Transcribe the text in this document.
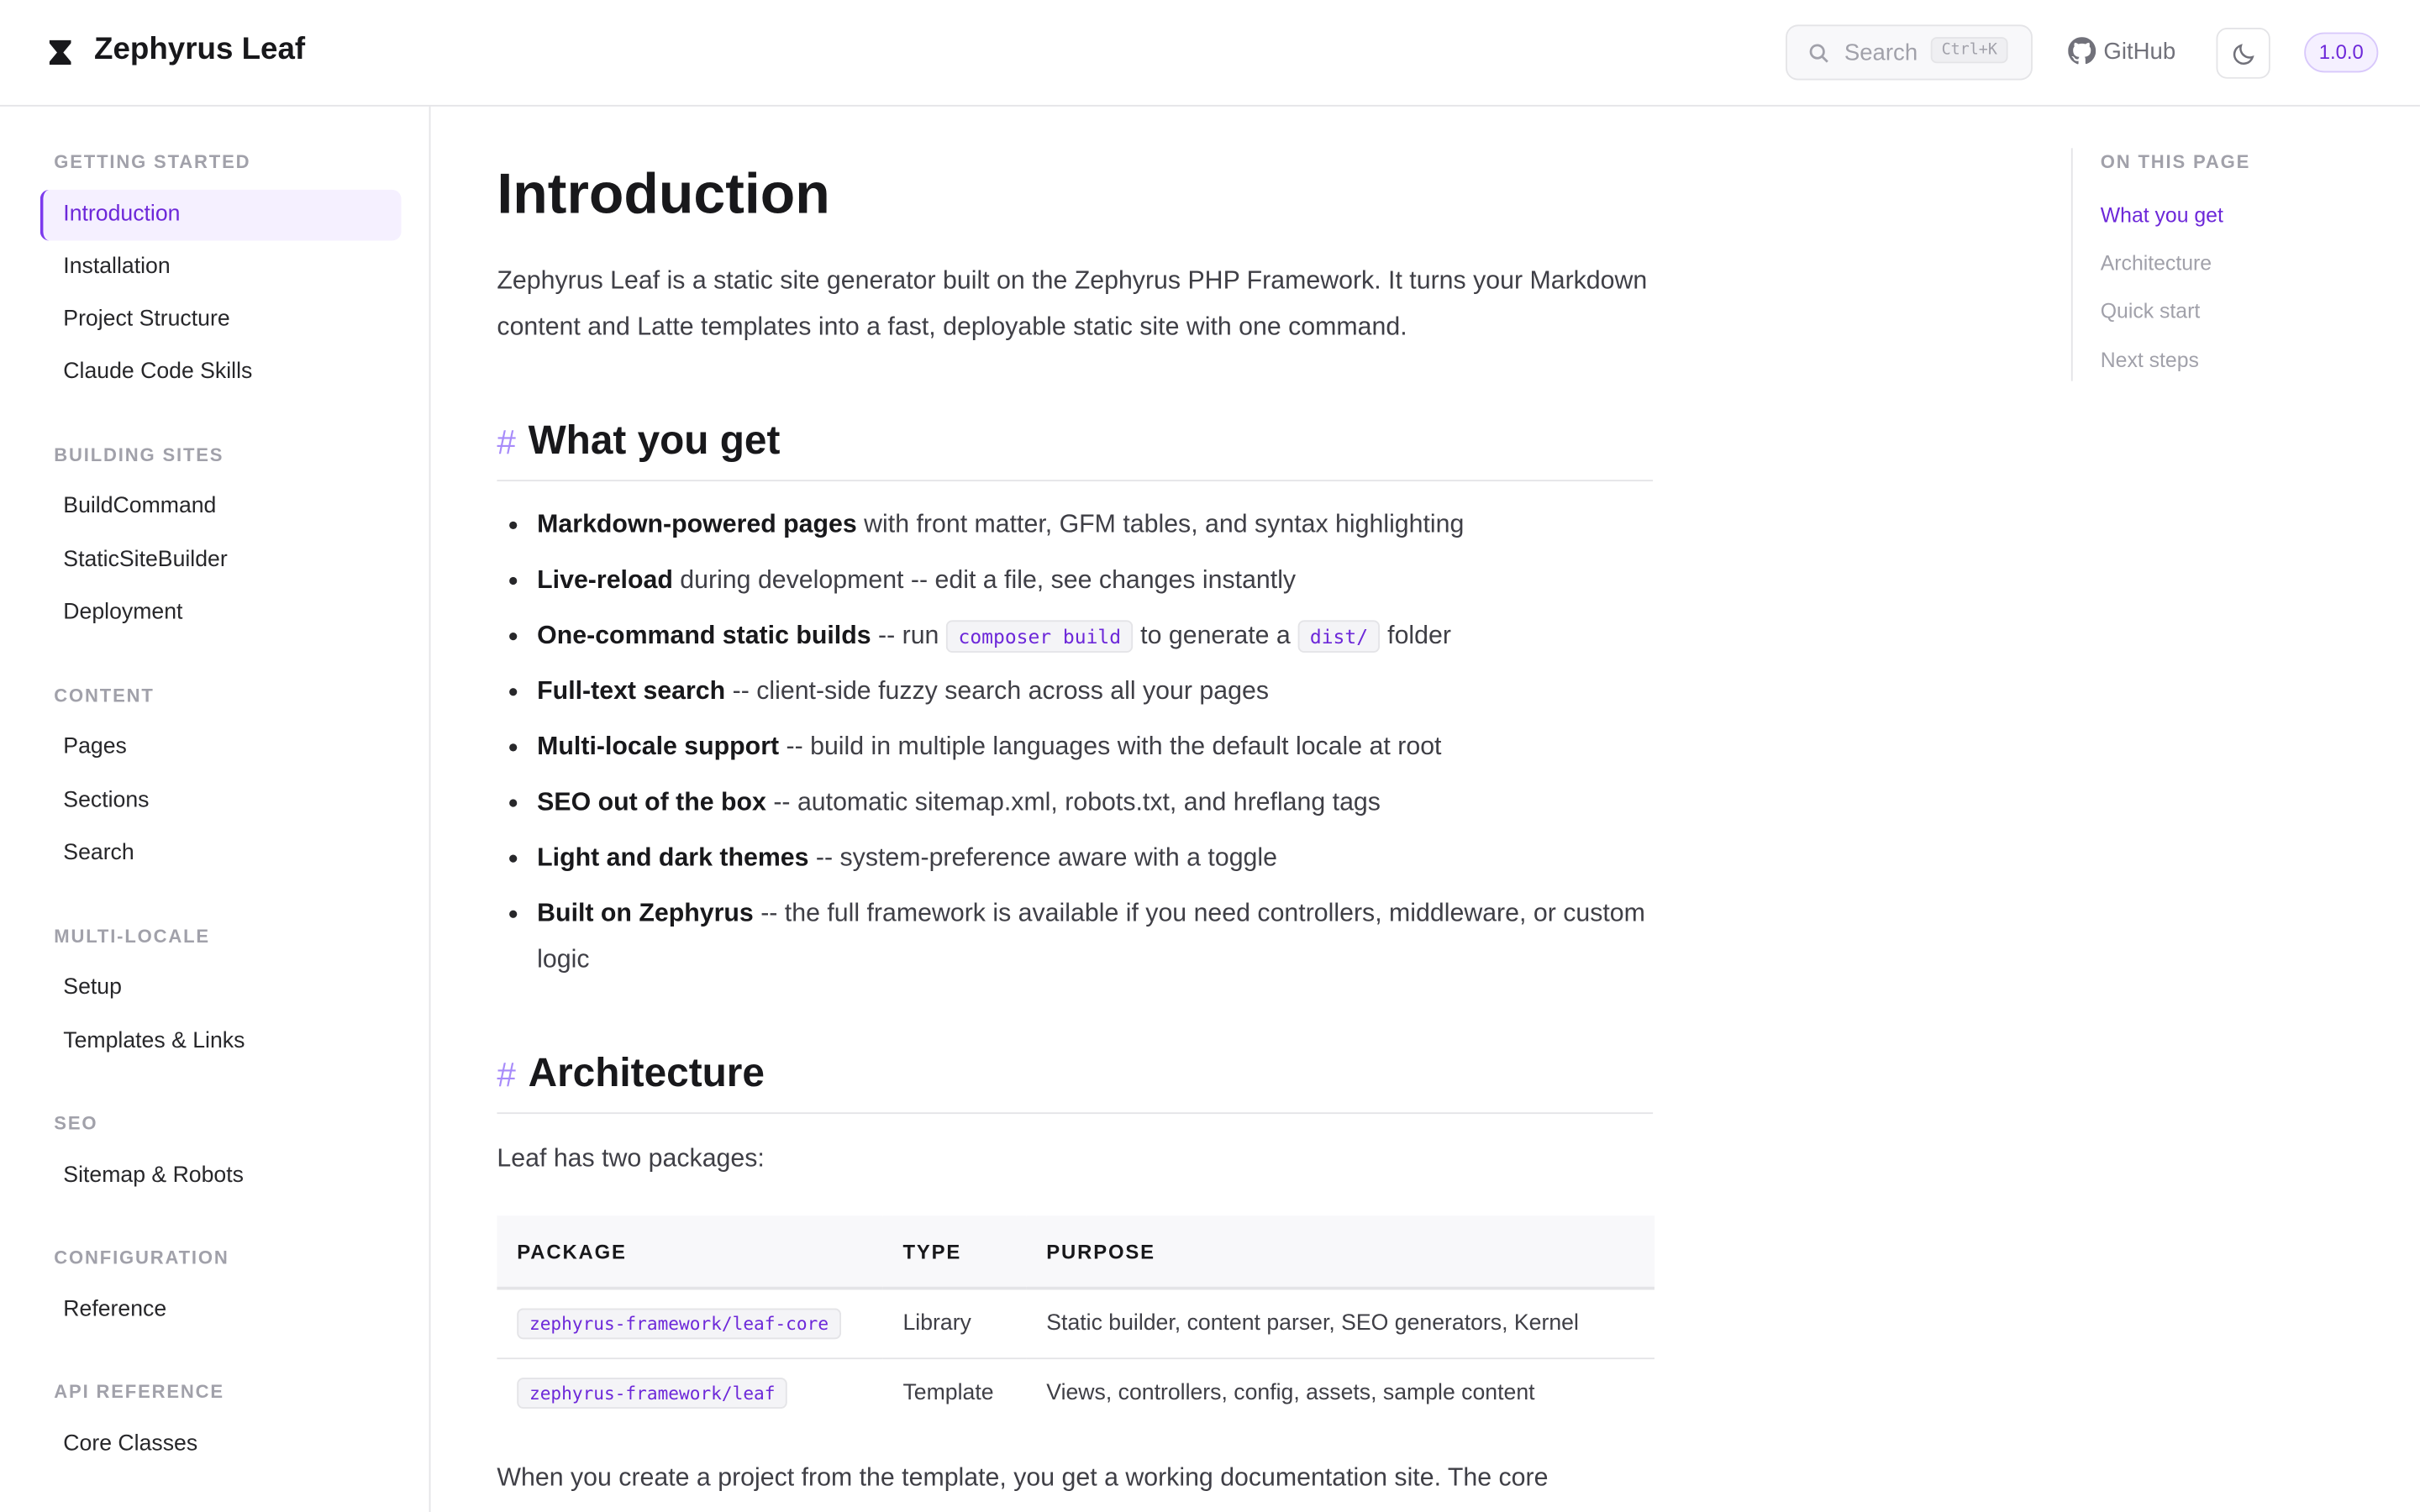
Zephyrus Leaf	Search	Ctrl+K	GitHub	1.0.0
GETTING STARTED
Introduction
Installation
Project Structure
Claude Code Skills
BUILDING SITES
BuildCommand
StaticSiteBuilder
Deployment
CONTENT
Pages
Sections
Search
MULTI-LOCALE
Setup
Templates & Links
SEO
Sitemap & Robots
CONFIGURATION
Reference
API REFERENCE
Core Classes
Introduction
Zephyrus Leaf is a static site generator built on the Zephyrus PHP Framework. It turns your Markdown content and Latte templates into a fast, deployable static site with one command.
# What you get
Markdown-powered pages with front matter, GFM tables, and syntax highlighting
Live-reload during development -- edit a file, see changes instantly
One-command static builds -- run composer build to generate a dist/ folder
Full-text search -- client-side fuzzy search across all your pages
Multi-locale support -- build in multiple languages with the default locale at root
SEO out of the box -- automatic sitemap.xml, robots.txt, and hreflang tags
Light and dark themes -- system-preference aware with a toggle
Built on Zephyrus -- the full framework is available if you need controllers, middleware, or custom logic
# Architecture
Leaf has two packages:
PACKAGE	TYPE	PURPOSE
zephyrus-framework/leaf-core	Library	Static builder, content parser, SEO generators, Kernel
zephyrus-framework/leaf	Template	Views, controllers, config, assets, sample content
When you create a project from the template, you get a working documentation site. The core
ON THIS PAGE
What you get
Architecture
Quick start
Next steps
